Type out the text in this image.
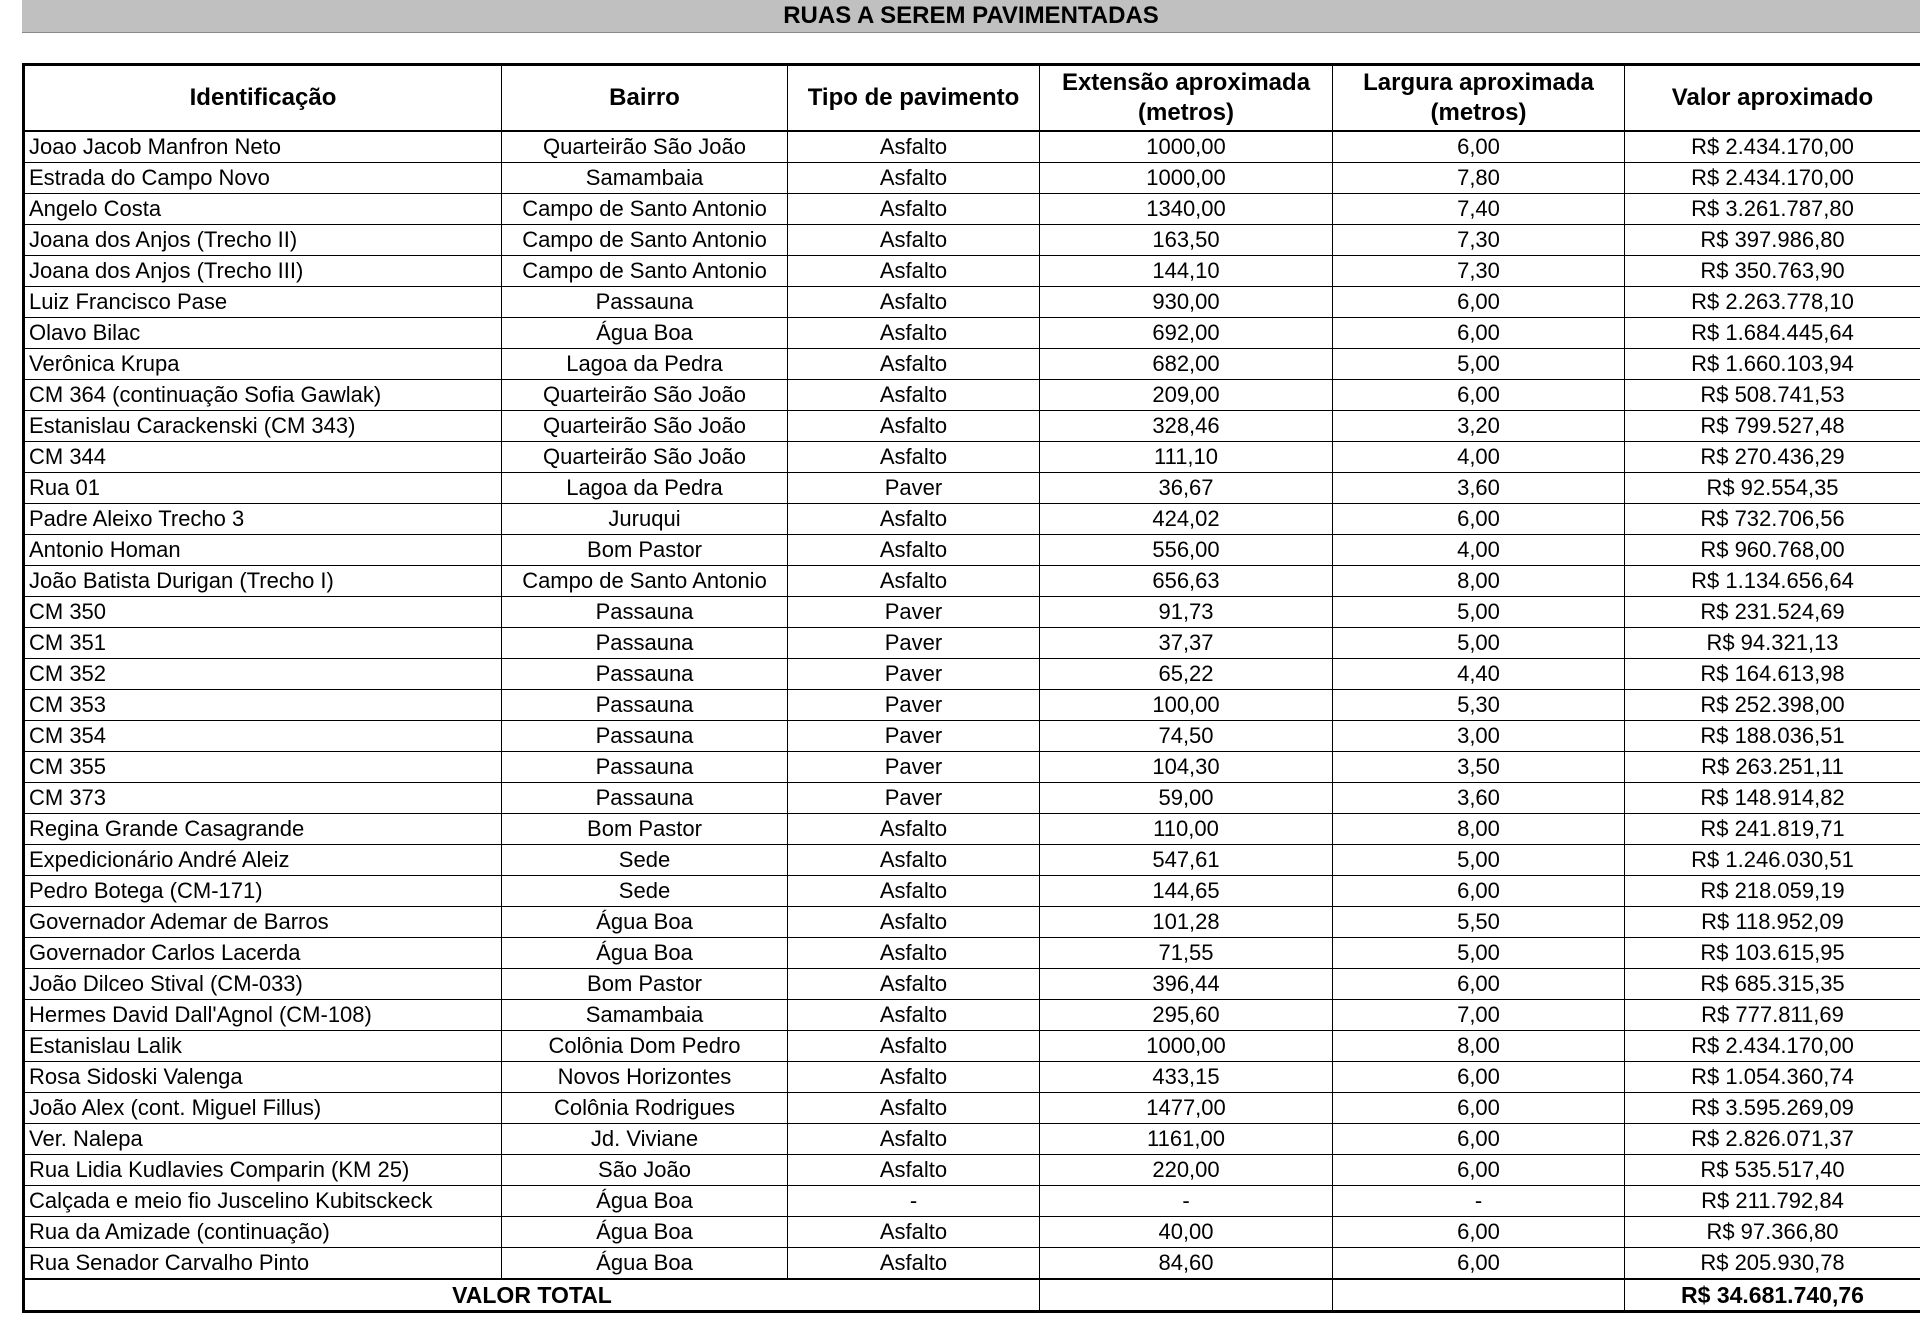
RUAS A SEREM PAVIMENTADAS
Identificação	Bairro	Tipo de pavimento	Extensão aproximada (metros)	Largura aproximada (metros)	Valor aproximado
Joao Jacob Manfron Neto	Quarteirão São João	Asfalto	1000,00	6,00	R$ 2.434.170,00
Estrada do Campo Novo	Samambaia	Asfalto	1000,00	7,80	R$ 2.434.170,00
Angelo Costa	Campo de Santo Antonio	Asfalto	1340,00	7,40	R$ 3.261.787,80
Joana dos Anjos (Trecho II)	Campo de Santo Antonio	Asfalto	163,50	7,30	R$ 397.986,80
Joana dos Anjos (Trecho III)	Campo de Santo Antonio	Asfalto	144,10	7,30	R$ 350.763,90
Luiz Francisco Pase	Passauna	Asfalto	930,00	6,00	R$ 2.263.778,10
Olavo Bilac	Água Boa	Asfalto	692,00	6,00	R$ 1.684.445,64
Verônica Krupa	Lagoa da Pedra	Asfalto	682,00	5,00	R$ 1.660.103,94
CM 364 (continuação Sofia Gawlak)	Quarteirão São João	Asfalto	209,00	6,00	R$ 508.741,53
Estanislau Carackenski (CM 343)	Quarteirão São João	Asfalto	328,46	3,20	R$ 799.527,48
CM 344	Quarteirão São João	Asfalto	111,10	4,00	R$ 270.436,29
Rua 01	Lagoa da Pedra	Paver	36,67	3,60	R$ 92.554,35
Padre Aleixo Trecho 3	Juruqui	Asfalto	424,02	6,00	R$ 732.706,56
Antonio Homan	Bom Pastor	Asfalto	556,00	4,00	R$ 960.768,00
João Batista Durigan (Trecho I)	Campo de Santo Antonio	Asfalto	656,63	8,00	R$ 1.134.656,64
CM 350	Passauna	Paver	91,73	5,00	R$ 231.524,69
CM 351	Passauna	Paver	37,37	5,00	R$ 94.321,13
CM 352	Passauna	Paver	65,22	4,40	R$ 164.613,98
CM 353	Passauna	Paver	100,00	5,30	R$ 252.398,00
CM 354	Passauna	Paver	74,50	3,00	R$ 188.036,51
CM 355	Passauna	Paver	104,30	3,50	R$ 263.251,11
CM 373	Passauna	Paver	59,00	3,60	R$ 148.914,82
Regina Grande Casagrande	Bom Pastor	Asfalto	110,00	8,00	R$ 241.819,71
Expedicionário André Aleiz	Sede	Asfalto	547,61	5,00	R$ 1.246.030,51
Pedro Botega (CM-171)	Sede	Asfalto	144,65	6,00	R$ 218.059,19
Governador Ademar de Barros	Água Boa	Asfalto	101,28	5,50	R$ 118.952,09
Governador Carlos Lacerda	Água Boa	Asfalto	71,55	5,00	R$ 103.615,95
João Dilceo Stival (CM-033)	Bom Pastor	Asfalto	396,44	6,00	R$ 685.315,35
Hermes David Dall'Agnol (CM-108)	Samambaia	Asfalto	295,60	7,00	R$ 777.811,69
Estanislau Lalik	Colônia Dom Pedro	Asfalto	1000,00	8,00	R$ 2.434.170,00
Rosa Sidoski Valenga	Novos Horizontes	Asfalto	433,15	6,00	R$ 1.054.360,74
João Alex (cont. Miguel Fillus)	Colônia Rodrigues	Asfalto	1477,00	6,00	R$ 3.595.269,09
Ver. Nalepa	Jd. Viviane	Asfalto	1161,00	6,00	R$ 2.826.071,37
Rua Lidia Kudlavies Comparin (KM 25)	São João	Asfalto	220,00	6,00	R$ 535.517,40
Calçada e meio fio Juscelino Kubitsckeck	Água Boa	-	-	-	R$ 211.792,84
Rua da Amizade (continuação)	Água Boa	Asfalto	40,00	6,00	R$ 97.366,80
Rua Senador Carvalho Pinto	Água Boa	Asfalto	84,60	6,00	R$ 205.930,78
VALOR TOTAL					R$ 34.681.740,76
